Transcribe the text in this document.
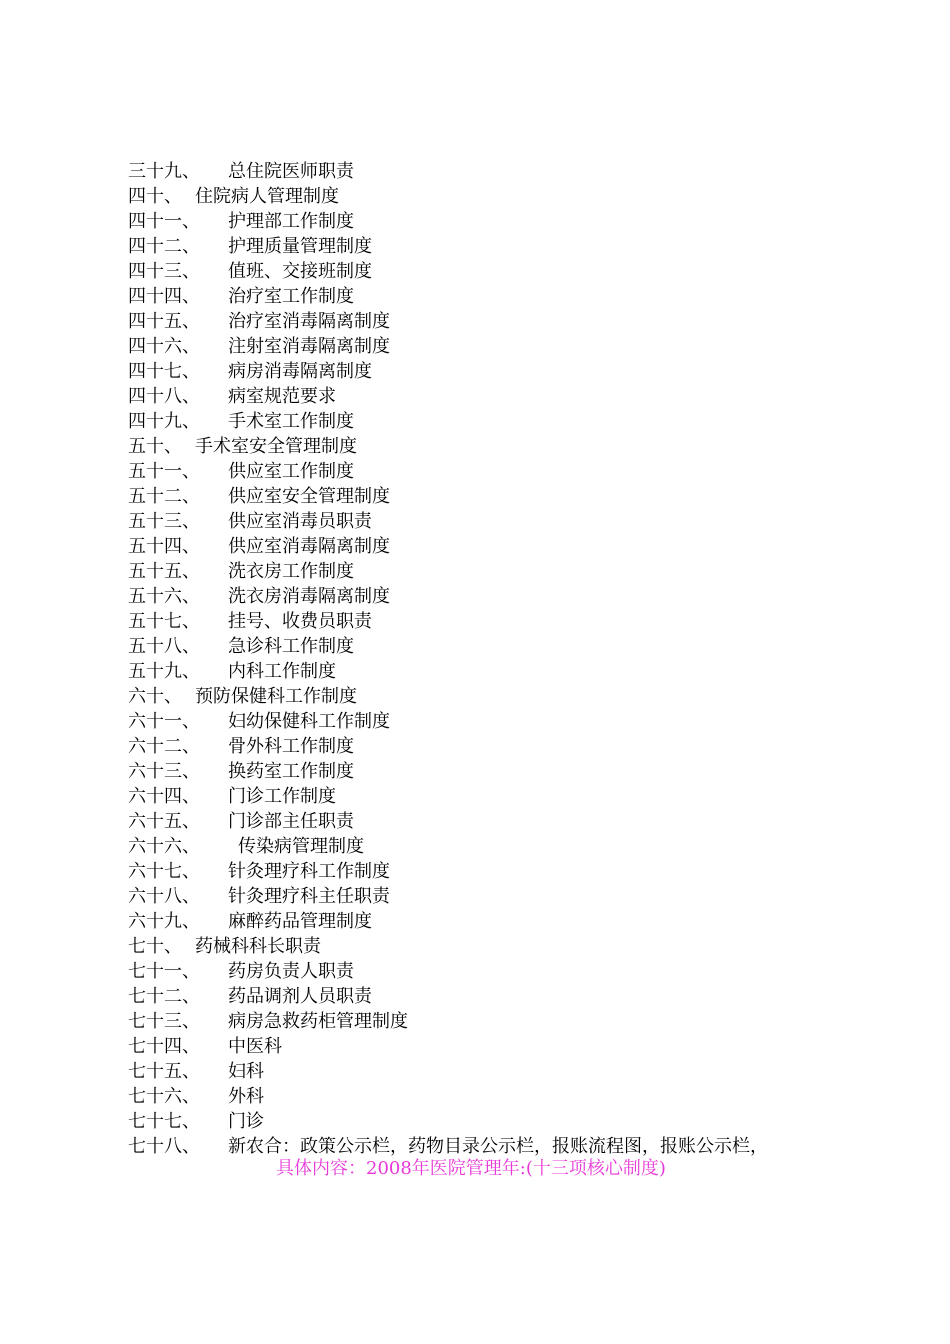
三十九、 总住院医师职责
四十、 住院病人管理制度
四十一、 护理部工作制度
四十二、 护理质量管理制度
四十三、 值班、交接班制度
四十四、 治疗室工作制度
四十五、 治疗室消毒隔离制度
四十六、 注射室消毒隔离制度
四十七、 病房消毒隔离制度
四十八、 病室规范要求
四十九、 手术室工作制度
五十、 手术室安全管理制度
五十一、 供应室工作制度
五十二、 供应室安全管理制度
五十三、 供应室消毒员职责
五十四、 供应室消毒隔离制度
五十五、 洗衣房工作制度
五十六、 洗衣房消毒隔离制度
五十七、 挂号、收费员职责
五十八、 急诊科工作制度
五十九、 内科工作制度
六十、 预防保健科工作制度
六十一、 妇幼保健科工作制度
六十二、 骨外科工作制度
六十三、 换药室工作制度
六十四、 门诊工作制度
六十五、 门诊部主任职责
六十六、 传染病管理制度
六十七、 针灸理疗科工作制度
六十八、 针灸理疗科主任职责
六十九、 麻醉药品管理制度
七十、 药械科科长职责
七十一、 药房负责人职责
七十二、 药品调剂人员职责
七十三、 病房急救药柜管理制度
七十四、 中医科
七十五、 妇科
七十六、 外科
七十七、 门诊
七十八、 新农合：政策公示栏，药物目录公示栏，报账流程图，报账公示栏，
具体内容：2008年医院管理年:(十三项核心制度)
